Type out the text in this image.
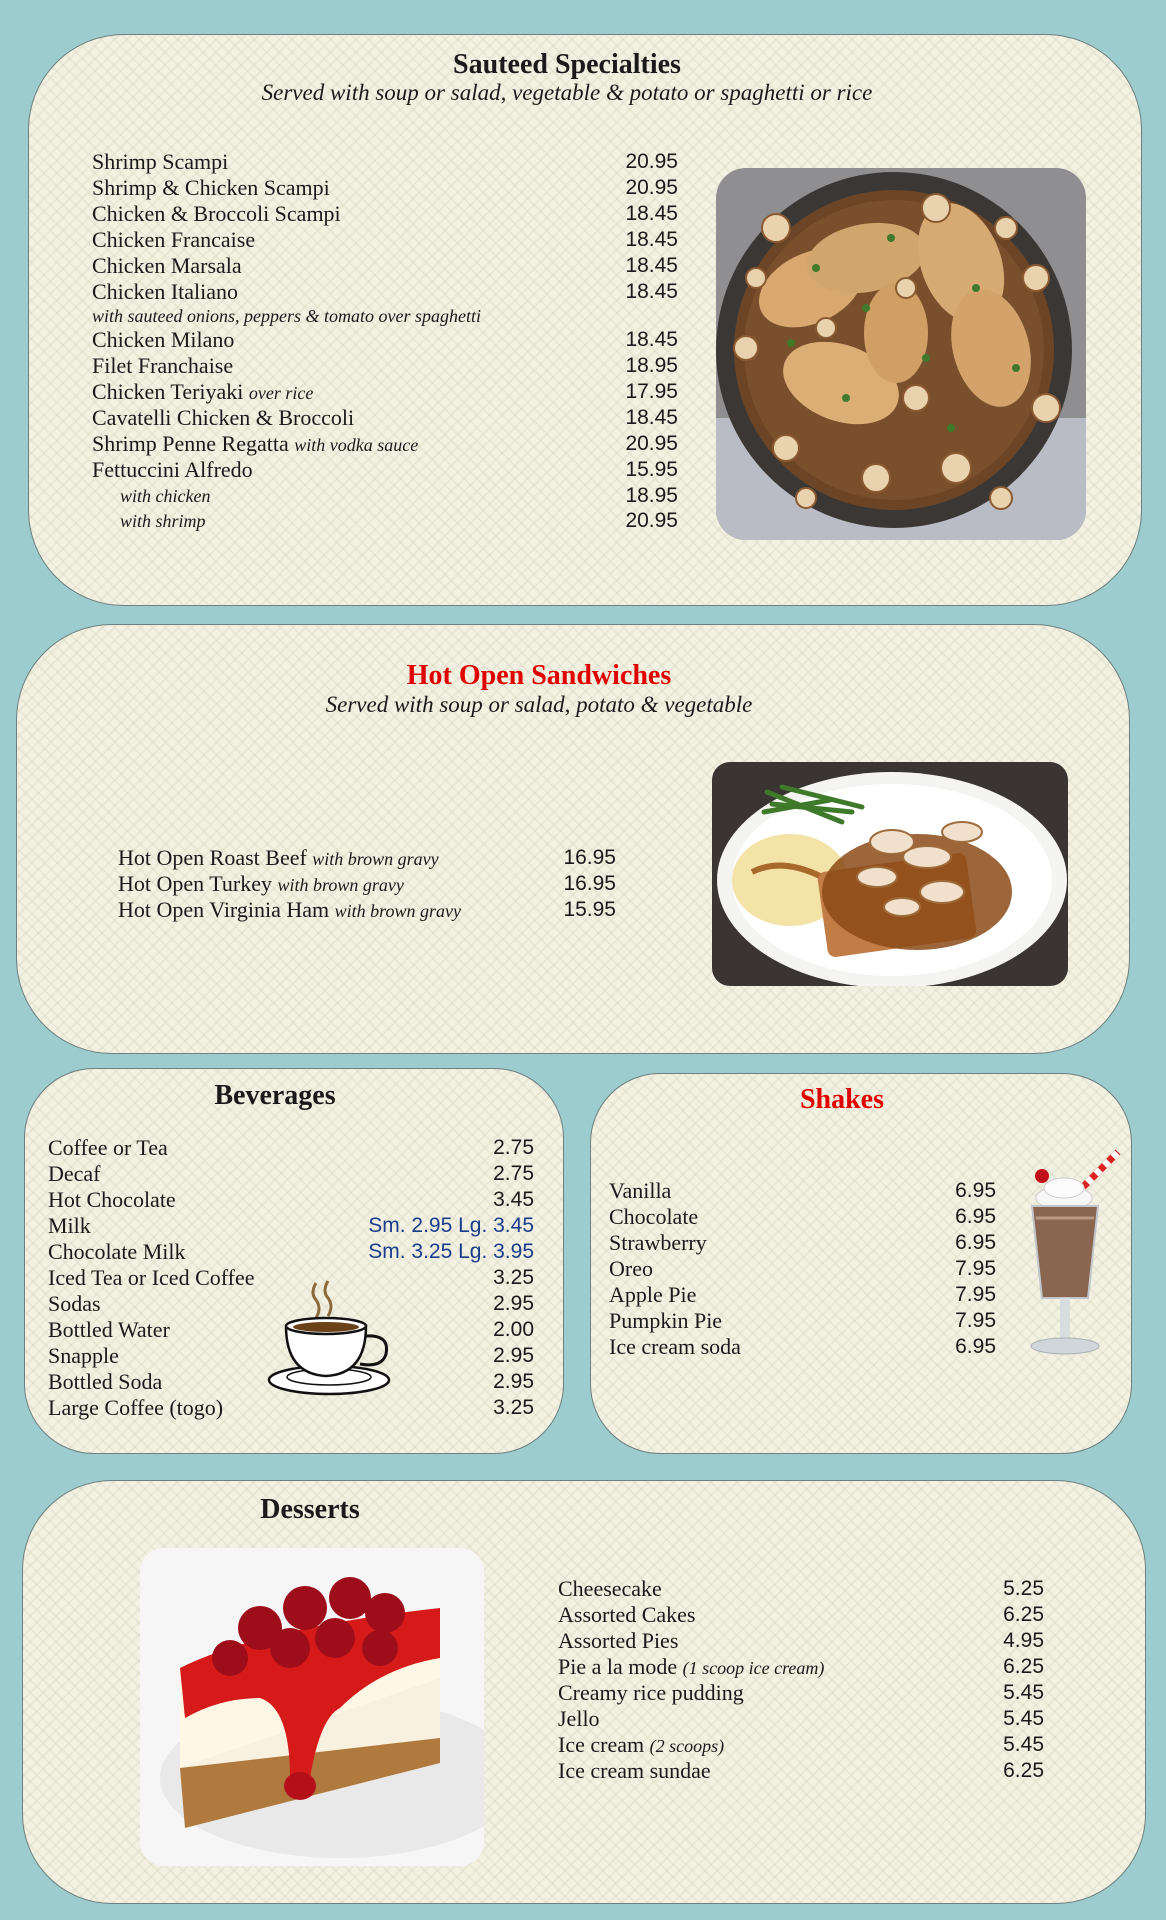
Sauteed Specialties
Served with soup or salad, vegetable & potato or spaghetti or rice
Shrimp Scampi
Shrimp & Chicken Scampi
Chicken & Broccoli Scampi
Chicken Francaise
Chicken Marsala
Chicken Italiano
with sauteed onions, peppers & tomato over spaghetti
Chicken Milano
Filet Franchaise
Chicken Teriyaki over rice
Cavatelli Chicken & Broccoli
Shrimp Penne Regatta with vodka sauce
Fettuccini Alfredo
with chicken
with shrimp
20.95
20.95
18.45
18.45
18.45
18.45
18.45
18.95
17.95
18.45
20.95
15.95
18.95
20.95
Hot Open Sandwiches
Served with soup or salad, potato & vegetable
Hot Open Roast Beef with brown gravy
Hot Open Turkey with brown gravy
Hot Open Virginia Ham with brown gravy
16.95
16.95
15.95
Beverages
Coffee or Tea
Decaf
Hot Chocolate
Milk
Chocolate Milk
Iced Tea or Iced Coffee
Sodas
Bottled Water
Snapple
Bottled Soda
Large Coffee (togo)
2.75
2.75
3.45
Sm. 2.95 Lg. 3.45
Sm. 3.25 Lg. 3.95
3.25
2.95
2.00
2.95
2.95
3.25
Shakes
Vanilla
Chocolate
Strawberry
Oreo
Apple Pie
Pumpkin Pie
Ice cream soda
6.95
6.95
6.95
7.95
7.95
7.95
6.95
Desserts
Cheesecake
Assorted Cakes
Assorted Pies
Pie a la mode (1 scoop ice cream)
Creamy rice pudding
Jello
Ice cream (2 scoops)
Ice cream sundae
5.25
6.25
4.95
6.25
5.45
5.45
5.45
6.25
